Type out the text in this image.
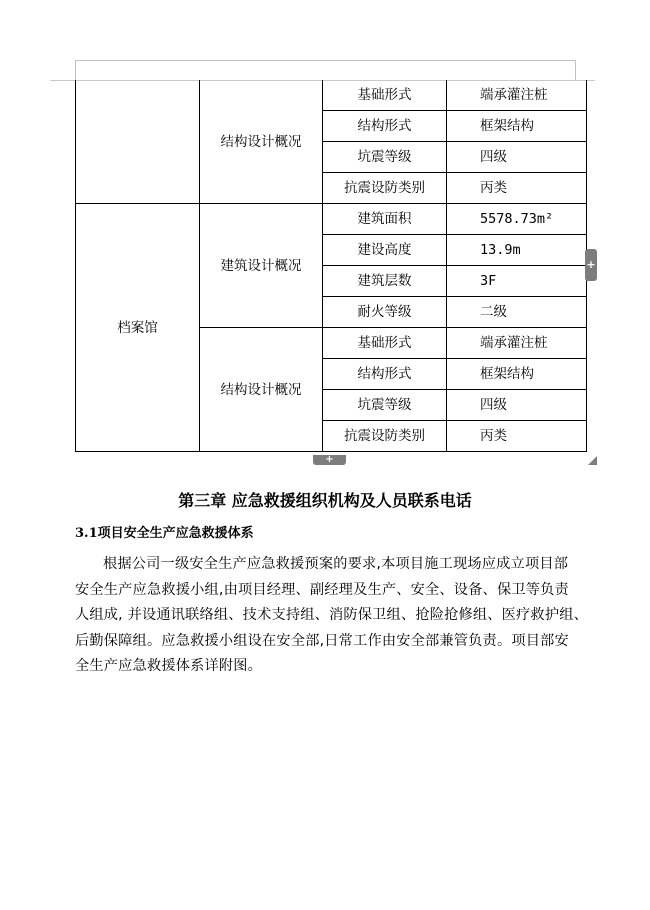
	结构设计概况	基础形式	端承灌注桩
		结构形式	框架结构
		坑震等级	四级
		抗震设防类别	丙类
档案馆	建筑设计概况	建筑面积	5578.73m²
		建设高度	13.9m
		建筑层数	3F
		耐火等级	二级
	结构设计概况	基础形式	端承灌注桩
		结构形式	框架结构
		坑震等级	四级
		抗震设防类别	丙类
+
+
第三章 应急救援组织机构及人员联系电话
3.1项目安全生产应急救援体系
根据公司一级安全生产应急救援预案的要求,本项目施工现场应成立项目部
安全生产应急救援小组,由项目经理、副经理及生产、安全、设备、保卫等负责
人组成, 并设通讯联络组、技术支持组、消防保卫组、抢险抢修组、医疗救护组、
后勤保障组。应急救援小组设在安全部,日常工作由安全部兼管负责。项目部安
全生产应急救援体系详附图。
